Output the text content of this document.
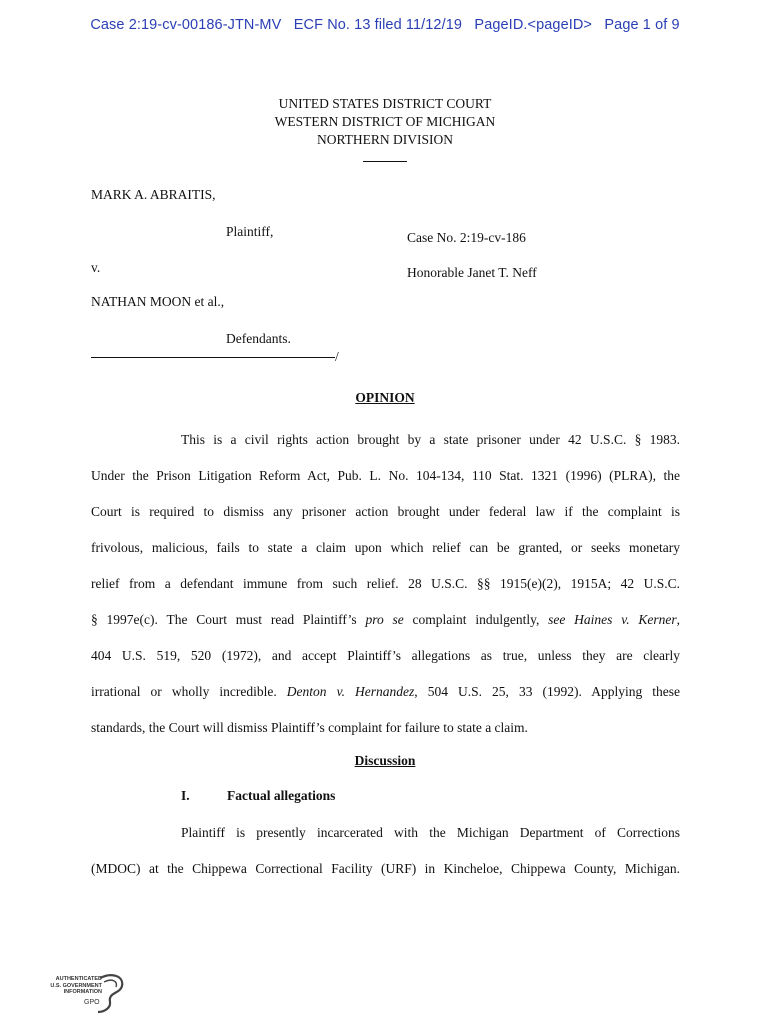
Case 2:19-cv-00186-JTN-MV   ECF No. 13 filed 11/12/19   PageID.<pageID>   Page 1 of 9
UNITED STATES DISTRICT COURT
WESTERN DISTRICT OF MICHIGAN
NORTHERN DIVISION
MARK A. ABRAITIS,
Plaintiff,	Case No. 2:19-cv-186
v.	Honorable Janet T. Neff
NATHAN MOON et al.,
Defendants.
/
OPINION
This is a civil rights action brought by a state prisoner under 42 U.S.C. § 1983.
Under the Prison Litigation Reform Act, Pub. L. No. 104-134, 110 Stat. 1321 (1996) (PLRA), the
Court is required to dismiss any prisoner action brought under federal law if the complaint is
frivolous, malicious, fails to state a claim upon which relief can be granted, or seeks monetary
relief from a defendant immune from such relief. 28 U.S.C. §§ 1915(e)(2), 1915A; 42 U.S.C.
§ 1997e(c). The Court must read Plaintiff’s pro se complaint indulgently, see Haines v. Kerner,
404 U.S. 519, 520 (1972), and accept Plaintiff’s allegations as true, unless they are clearly
irrational or wholly incredible. Denton v. Hernandez, 504 U.S. 25, 33 (1992). Applying these
standards, the Court will dismiss Plaintiff’s complaint for failure to state a claim.
Discussion
I.	Factual allegations
Plaintiff is presently incarcerated with the Michigan Department of Corrections
(MDOC) at the Chippewa Correctional Facility (URF) in Kincheloe, Chippewa County, Michigan.
AUTHENTICATED
U.S. GOVERNMENT
INFORMATION
GPO
